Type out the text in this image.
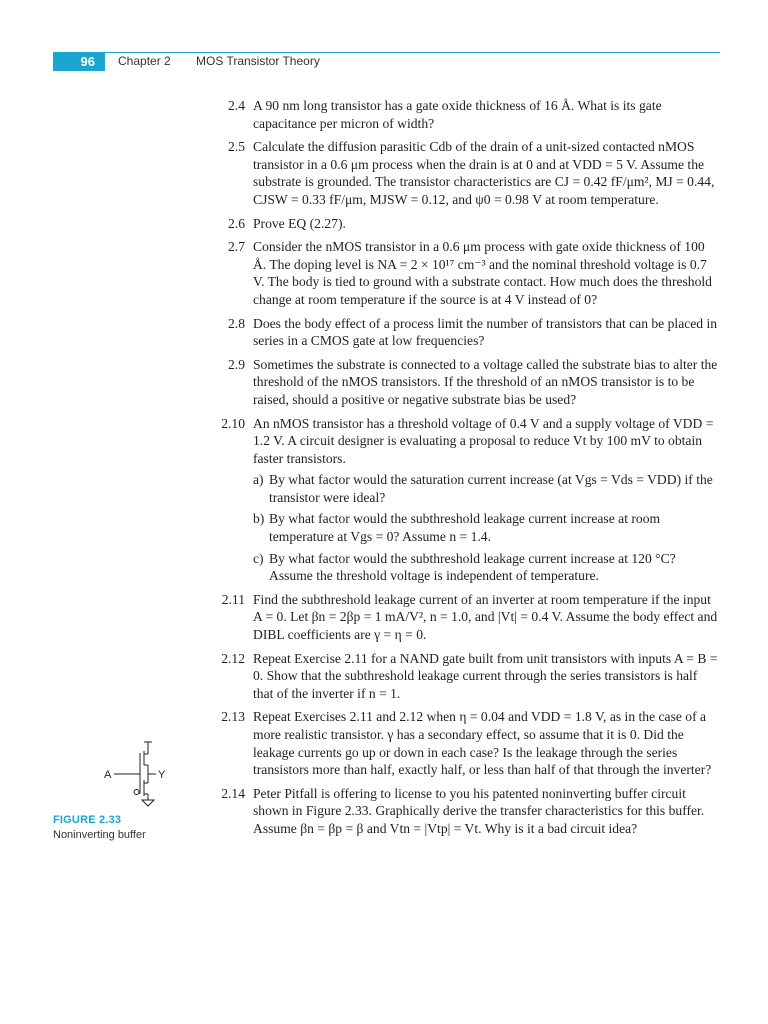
96	Chapter 2 MOS Transistor Theory
2.4 A 90 nm long transistor has a gate oxide thickness of 16 Å. What is its gate capacitance per micron of width?
2.5 Calculate the diffusion parasitic Cdb of the drain of a unit-sized contacted nMOS transistor in a 0.6 μm process when the drain is at 0 and at VDD = 5 V. Assume the substrate is grounded. The transistor characteristics are CJ = 0.42 fF/μm², MJ = 0.44, CJSW = 0.33 fF/μm, MJSW = 0.12, and ψ0 = 0.98 V at room temperature.
2.6 Prove EQ (2.27).
2.7 Consider the nMOS transistor in a 0.6 μm process with gate oxide thickness of 100 Å. The doping level is NA = 2 × 10¹⁷ cm⁻³ and the nominal threshold voltage is 0.7 V. The body is tied to ground with a substrate contact. How much does the threshold change at room temperature if the source is at 4 V instead of 0?
2.8 Does the body effect of a process limit the number of transistors that can be placed in series in a CMOS gate at low frequencies?
2.9 Sometimes the substrate is connected to a voltage called the substrate bias to alter the threshold of the nMOS transistors. If the threshold of an nMOS transistor is to be raised, should a positive or negative substrate bias be used?
2.10 An nMOS transistor has a threshold voltage of 0.4 V and a supply voltage of VDD = 1.2 V. A circuit designer is evaluating a proposal to reduce Vt by 100 mV to obtain faster transistors.
a) By what factor would the saturation current increase (at Vgs = Vds = VDD) if the transistor were ideal?
b) By what factor would the subthreshold leakage current increase at room temperature at Vgs = 0? Assume n = 1.4.
c) By what factor would the subthreshold leakage current increase at 120 °C? Assume the threshold voltage is independent of temperature.
2.11 Find the subthreshold leakage current of an inverter at room temperature if the input A = 0. Let βn = 2βp = 1 mA/V², n = 1.0, and |Vt| = 0.4 V. Assume the body effect and DIBL coefficients are γ = η = 0.
2.12 Repeat Exercise 2.11 for a NAND gate built from unit transistors with inputs A = B = 0. Show that the subthreshold leakage current through the series transistors is half that of the inverter if n = 1.
2.13 Repeat Exercises 2.11 and 2.12 when η = 0.04 and VDD = 1.8 V, as in the case of a more realistic transistor. γ has a secondary effect, so assume that it is 0. Did the leakage currents go up or down in each case? Is the leakage through the series transistors more than half, exactly half, or less than half of that through the inverter?
2.14 Peter Pitfall is offering to license to you his patented noninverting buffer circuit shown in Figure 2.33. Graphically derive the transfer characteristics for this buffer. Assume βn = βp = β and Vtn = |Vtp| = Vt. Why is it a bad circuit idea?
A	Y
FIGURE 2.33
Noninverting buffer
